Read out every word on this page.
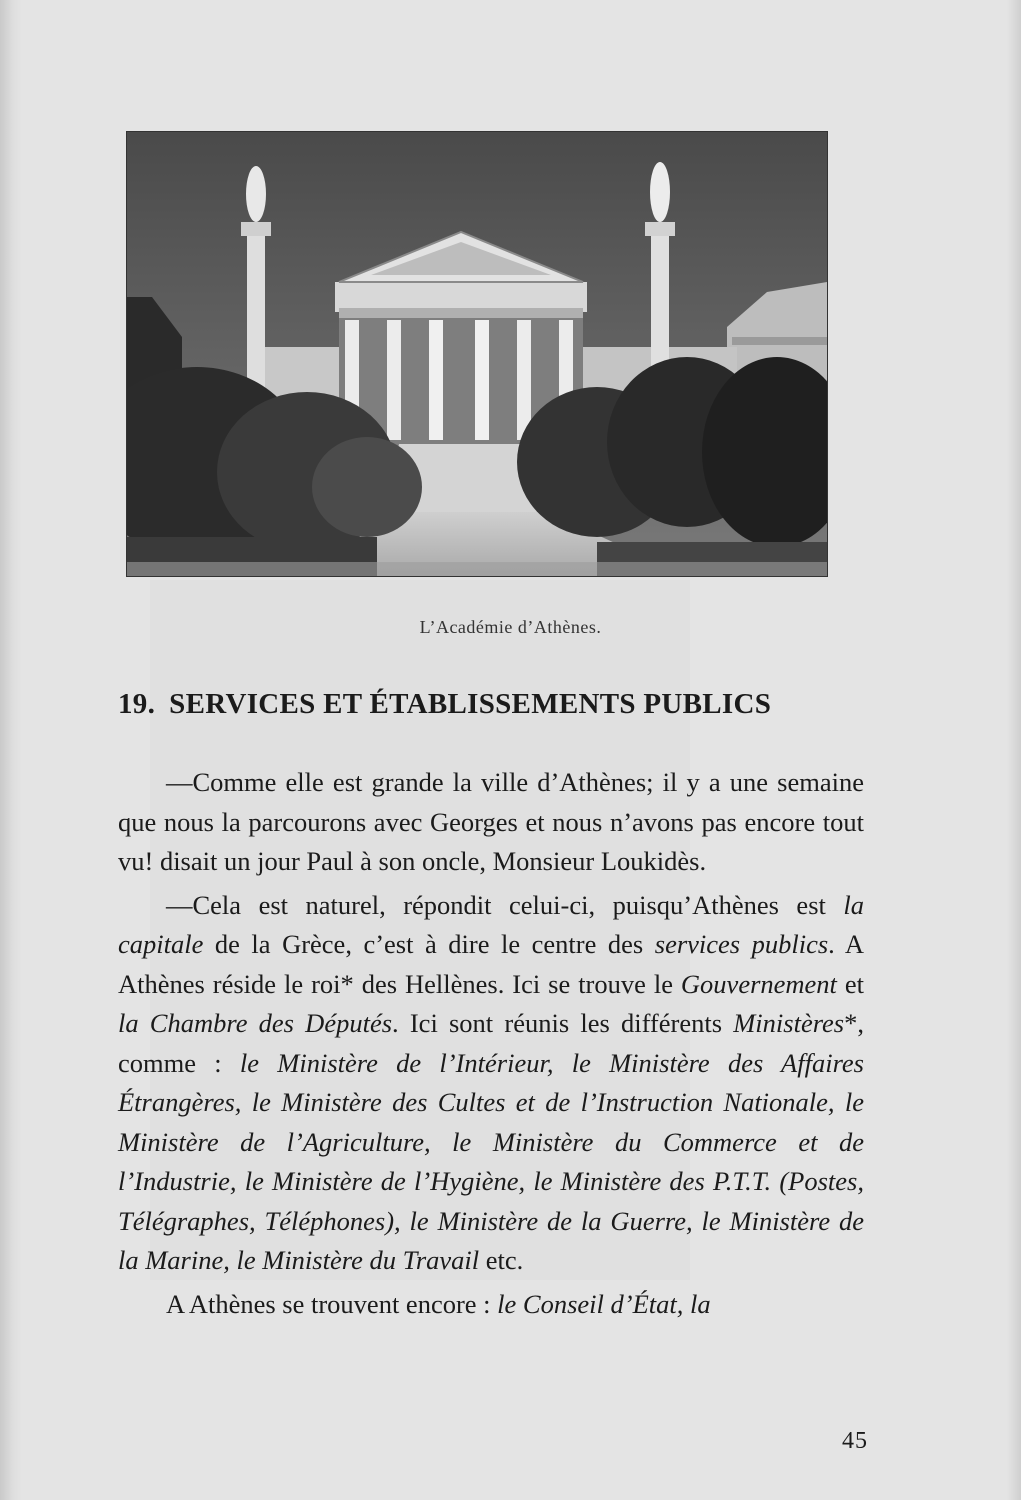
L’Académie d’Athènes.
19. SERVICES ET ÉTABLISSEMENTS PUBLICS

—Comme elle est grande la ville d’Athènes; il y a une semaine que nous la parcourons avec Georges et nous n’avons pas encore tout vu! disait un jour Paul à son oncle, Monsieur Loukidès.

—Cela est naturel, répondit celui-ci, puisqu’Athènes est la capitale de la Grèce, c’est à dire le centre des services publics. A Athènes réside le roi* des Hellènes. Ici se trouve le Gouvernement et la Chambre des Députés. Ici sont réunis les différents Ministères*, comme : le Ministère de l’Intérieur, le Ministère des Affaires Étrangères, le Ministère des Cultes et de l’Instruction Nationale, le Ministère de l’Agriculture, le Ministère du Commerce et de l’Industrie, le Ministère de l’Hygiène, le Ministère des P.T.T. (Postes, Télégraphes, Téléphones), le Ministère de la Guerre, le Ministère de la Marine, le Ministère du Travail etc.

A Athènes se trouvent encore : le Conseil d’État, la

45
